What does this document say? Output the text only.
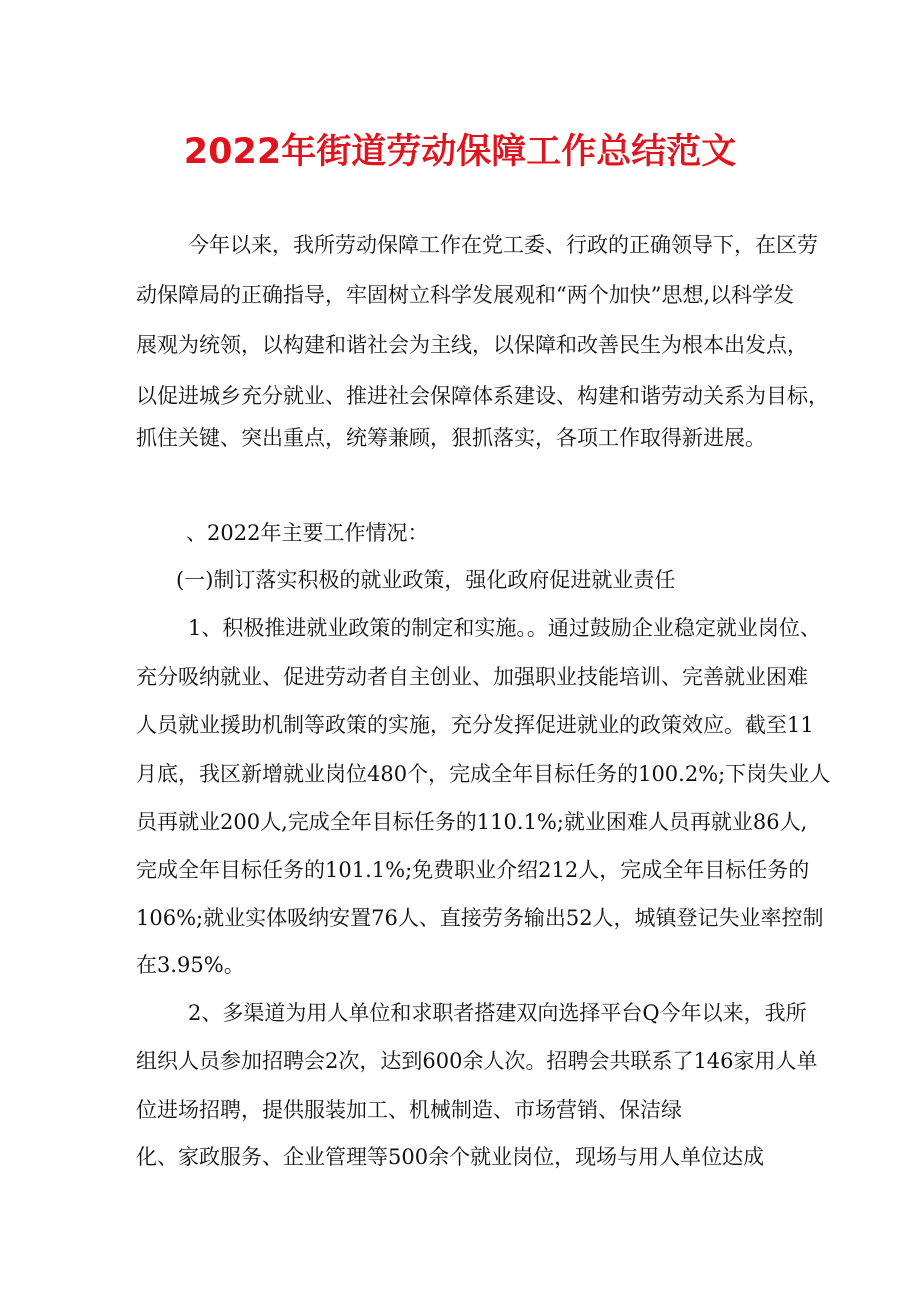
2022年街道劳动保障工作总结范文

今年以来，我所劳动保障工作在党工委、行政的正确领导下，在区劳

动保障局的正确指导，牢固树立科学发展观和“两个加快”思想,以科学发

展观为统领，以构建和谐社会为主线，以保障和改善民生为根本出发点，

以促进城乡充分就业、推进社会保障体系建设、构建和谐劳动关系为目标，

抓住关键、突出重点，统筹兼顾，狠抓落实，各项工作取得新进展。

、2022年主要工作情况：

(一)制订落实积极的就业政策，强化政府促进就业责任

1、积极推进就业政策的制定和实施。。通过鼓励企业稳定就业岗位、

充分吸纳就业、促进劳动者自主创业、加强职业技能培训、完善就业困难

人员就业援助机制等政策的实施，充分发挥促进就业的政策效应。截至11

月底，我区新增就业岗位480个，完成全年目标任务的100.2%;下岗失业人

员再就业200人,完成全年目标任务的110.1%;就业困难人员再就业86人,

完成全年目标任务的101.1%;免费职业介绍212人，完成全年目标任务的

106%;就业实体吸纳安置76人、直接劳务输出52人，城镇登记失业率控制

在3.95%。

2、多渠道为用人单位和求职者搭建双向选择平台Q今年以来，我所

组织人员参加招聘会2次，达到600余人次。招聘会共联系了146家用人单

位进场招聘，提供服装加工、机械制造、市场营销、保洁绿

化、家政服务、企业管理等500余个就业岗位，现场与用人单位达成
